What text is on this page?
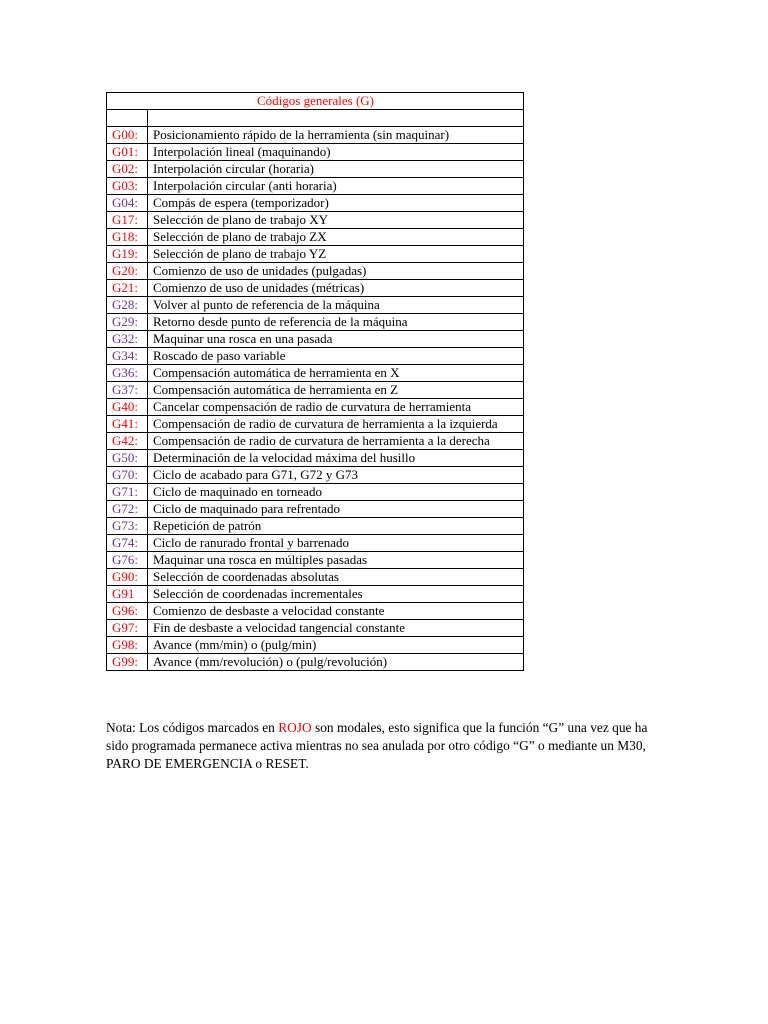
Códigos generales (G)	

G00:	Posicionamiento rápido de la herramienta (sin maquinar)
G01:	Interpolación lineal (maquinando)
G02:	Interpolación circular (horaria)
G03:	Interpolación circular (anti horaria)
G04:	Compás de espera (temporizador)
G17:	Selección de plano de trabajo XY
G18:	Selección de plano de trabajo ZX
G19:	Selección de plano de trabajo YZ
G20:	Comienzo de uso de unidades (pulgadas)
G21:	Comienzo de uso de unidades (métricas)
G28:	Volver al punto de referencia de la máquina
G29:	Retorno desde punto de referencia de la máquina
G32:	Maquinar una rosca en una pasada
G34:	Roscado de paso variable
G36:	Compensación automática de herramienta en X
G37:	Compensación automática de herramienta en Z
G40:	Cancelar compensación de radio de curvatura de herramienta
G41:	Compensación de radio de curvatura de herramienta a la izquierda
G42:	Compensación de radio de curvatura de herramienta a la derecha
G50:	Determinación de la velocidad máxima del husillo
G70:	Ciclo de acabado para G71, G72 y G73
G71:	Ciclo de maquinado en torneado
G72:	Ciclo de maquinado para refrentado
G73:	Repetición de patrón
G74:	Ciclo de ranurado frontal y barrenado
G76:	Maquinar una rosca en múltiples pasadas
G90:	Selección de coordenadas absolutas
G91	Selección de coordenadas incrementales
G96:	Comienzo de desbaste a velocidad constante
G97:	Fin de desbaste a velocidad tangencial constante
G98:	Avance (mm/min) o (pulg/min)
G99:	Avance (mm/revolución) o (pulg/revolución)

Nota: Los códigos marcados en ROJO son modales, esto significa que la función “G” una vez que ha sido programada permanece activa mientras no sea anulada por otro código “G” o mediante un M30, PARO DE EMERGENCIA o RESET.
